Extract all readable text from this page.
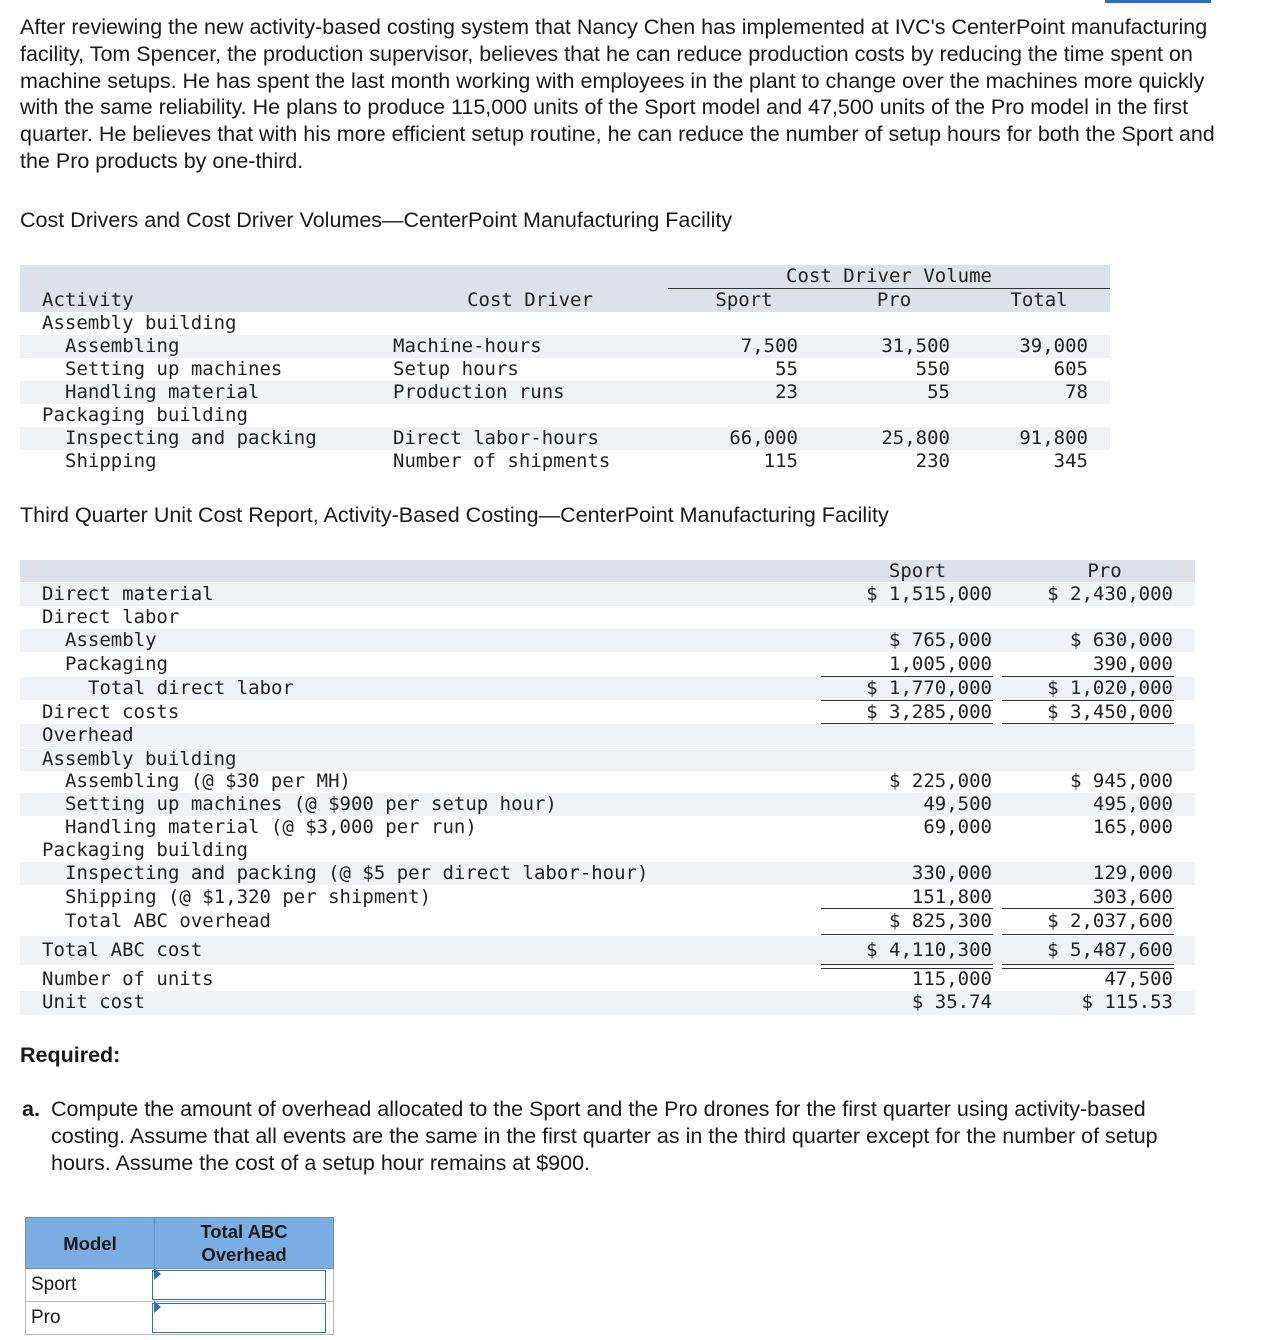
After reviewing the new activity-based costing system that Nancy Chen has implemented at IVC's CenterPoint manufacturing facility, Tom Spencer, the production supervisor, believes that he can reduce production costs by reducing the time spent on machine setups. He has spent the last month working with employees in the plant to change over the machines more quickly with the same reliability. He plans to produce 115,000 units of the Sport model and 47,500 units of the Pro model in the first quarter. He believes that with his more efficient setup routine, he can reduce the number of setup hours for both the Sport and the Pro products by one-third.

Cost Drivers and Cost Driver Volumes—CenterPoint Manufacturing Facility

Cost Driver Volume
Activity	Cost Driver	Sport	Pro	Total
Assembly building
Assembling	Machine-hours	7,500	31,500	39,000
Setting up machines	Setup hours	55	550	605
Handling material	Production runs	23	55	78
Packaging building
Inspecting and packing	Direct labor-hours	66,000	25,800	91,800
Shipping	Number of shipments	115	230	345

Third Quarter Unit Cost Report, Activity-Based Costing—CenterPoint Manufacturing Facility

Sport	Pro
Direct material	$ 1,515,000	$ 2,430,000
Direct labor
Assembly	$ 765,000	$ 630,000
Packaging	1,005,000	390,000
Total direct labor	$ 1,770,000	$ 1,020,000
Direct costs	$ 3,285,000	$ 3,450,000
Overhead
Assembly building
Assembling (@ $30 per MH)	$ 225,000	$ 945,000
Setting up machines (@ $900 per setup hour)	49,500	495,000
Handling material (@ $3,000 per run)	69,000	165,000
Packaging building
Inspecting and packing (@ $5 per direct labor-hour)	330,000	129,000
Shipping (@ $1,320 per shipment)	151,800	303,600
Total ABC overhead	$ 825,300	$ 2,037,600
Total ABC cost	$ 4,110,300	$ 5,487,600
Number of units	115,000	47,500
Unit cost	$ 35.74	$ 115.53

Required:

a. Compute the amount of overhead allocated to the Sport and the Pro drones for the first quarter using activity-based costing. Assume that all events are the same in the first quarter as in the third quarter except for the number of setup hours. Assume the cost of a setup hour remains at $900.
Model	Total ABC Overhead
Sport	

Pro	
